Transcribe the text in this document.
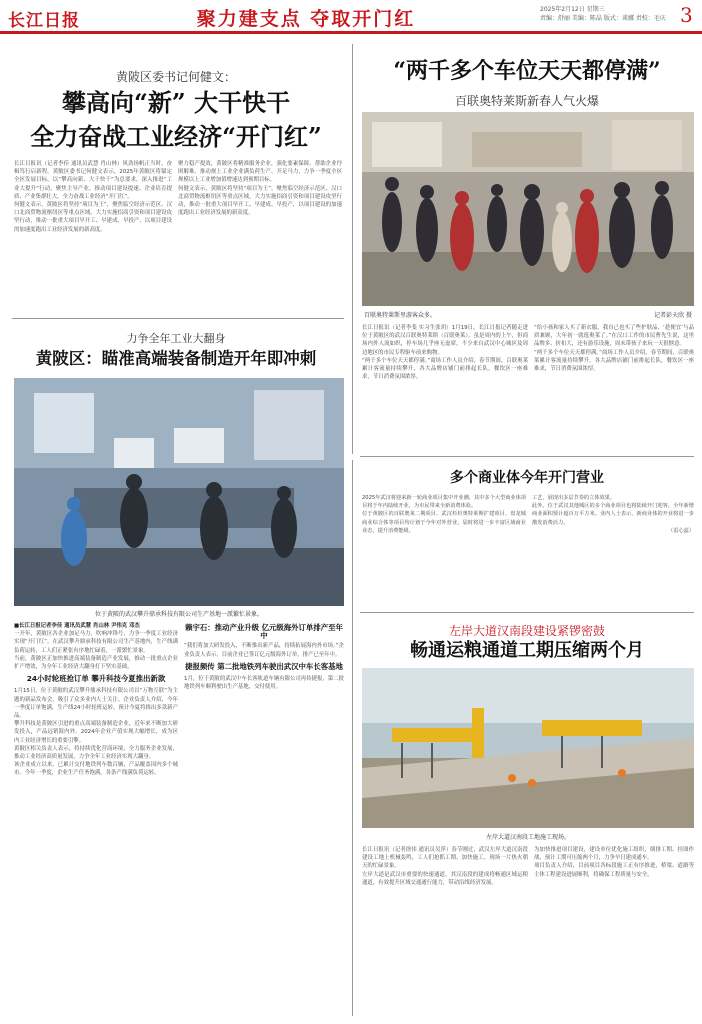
长江日报	聚力建支点 夺取开门红	2025年2月12日 星期三
责编：舒丽 美编：陈晶 版式：谈娜 责校：毛庆 3
黄陂区委书记何健文：
攀高向“新” 大干快干
全力奋战工业经济“开门红”

长江日报讯（记者李佳 通讯员武慧 肖山林）风劲扬帆正当时，奋楫笃行启新程。黄陂区委书记何健文表示，2025年黄陂区将锚定全区发展目标，以“攀高向新、大干快干”为总要求，深入推进“工业大提升”行动，聚焦主导产业，推动项目建设提速、企业培育提质、产业集群壮大，全力奋战工业经济“开门红”。

何健文表示，黄陂区将坚持“项目为王”，聚焦临空经济示范区、汉口北商贸物流枢纽区等重点区域，大力实施招商引资和项目建设攻坚行动，推动一批重大项目早开工、早建成、早投产，以项目建设的加速度跑出工业经济发展的新高度。

聚力稳产提效，黄陂区将精准服务企业，强化要素保障，帮助企业纾困解难，推动规上工业企业满负荷生产、开足马力，力争一季度全区规模以上工业增加值增速达到预期目标。

何健文表示，黄陂区将坚持“项目为王”，聚焦临空经济示范区、汉口北商贸物流枢纽区等重点区域，大力实施招商引资和项目建设攻坚行动，推动一批重大项目早开工、早建成、早投产，以项目建设的加速度跑出工业经济发展的新高度。

“两千多个车位天天都停满”
百联奥特莱斯新春人气火爆
百联奥特莱斯里游客众多。	记者彭天欣 摄

长江日报讯（记者李斐 实习生张玥）1月19日，长江日报记者随走进位于黄陂区的武汉百联奥特莱斯（百联奥莱）。虽是周内的上午，但商场内外人流如织，停车场几乎座无虚席，不少来自武汉中心城区及周边地区的市民专程驱车前来购物。

“两千多个车位天天都停满。”商场工作人员介绍，春节期间，百联奥莱累计客流量持续攀升，各大品牌店铺门前排起长队，餐饮区一座难求，节日消费氛围浓厚。

“给小孩和家人买了新衣服，我自己也买了些护肤品，‘趁便宜’与品质兼顾，大年初一就逛奥莱了。”在汉口工作的市民曹先生说，这里品牌多、折扣大，还有游乐设施，周末带孩子来玩一天很惬意。

“两千多个车位天天都停满。”商场工作人员介绍，春节期间，百联奥莱累计客流量持续攀升，各大品牌店铺门前排起长队，餐饮区一座难求，节日消费氛围浓厚。

力争全年工业大翻身
黄陂区：瞄准高端装备制造开年即冲刺
位于黄陂的武汉攀升鼎承科技有限公司生产基地一派繁忙景象。

■长江日报记者李佳 通讯员武慧 肖山林 尹伟克 邓杰

一开年，黄陂区各企业加足马力，吹响冲锋号，力争一季度工业经济实现“开门红”。在武汉攀升鼎承科技有限公司生产基地内，生产线满负荷运转，工人们正紧张有序地忙碌着，一派繁忙景象。

当前，黄陂区正加快推进高端装备制造产业发展，推动一批重点企业扩产增效，为全年工业经济大翻身打下坚实基础。

24小时轮班抢订单 攀升科技今夏推出新款

1月15日，位于黄陂的武汉攀升鼎承科技有限公司以“万物互联”为主题的新品发布会，吸引了众多业内人士关注。企业负责人介绍，今年一季度订单饱满，生产线24小时轮班运转，预计今夏将推出多款新产品。

攀升科技是黄陂区引进的重点高端装备制造企业，近年来不断加大研发投入，产品远销海内外。2024年企业产值实现大幅增长，成为区内工业经济增长的重要引擎。

黄陂区相关负责人表示，将持续优化营商环境，全力服务企业发展，推动工业经济高质量发展，力争全年工业经济实现大翻身。

该企业成立以来，已累计交付地铁列车数百辆，产品覆盖国内多个城市。今年一季度，企业生产任务饱满，各条产线满负荷运转。

赖宇石：推动产业升级 亿元级海外订单排产至年中

“我们将加大研发投入，不断推出新产品，持续拓展海内外市场。”企业负责人表示，目前企业已签订亿元级海外订单，排产已至年中。

捷报频传 第二批地铁列车驶出武汉中车长客基地

1月，位于黄陂的武汉中车长客轨道车辆有限公司再传捷报，第二批地铁列车顺利驶出生产基地，交付使用。

多个商业体今年开门营业

2025年武汉将迎来新一轮商业项目集中开业潮，其中多个大型商业体项目将于年内陆续开业，为市民带来全新消费体验。

位于黄陂区的百联奥莱二期项目、武汉杉杉奥特莱斯扩建项目、盘龙城商业综合体等项目均计划于今年对外营业，届时将进一步丰富区域商业业态，提升消费能级。

工艺，展现出多层节奏的立体效果。

此外，位于武汉其他城区的多个商业项目也将陆续开门迎客，全年新增商业面积预计超百万平方米。业内人士表示，新商业体的开业将进一步激发消费活力。

（雷心蕊）

左岸大道汉南段建设紧锣密鼓
畅通运粮通道工期压缩两个月
左岸大道汉南段工地施工现场。

长江日报讯（记者徐伟 通讯员吴萍）春节刚过，武汉左岸大道汉南段建设工地上机械轰鸣，工人们抢抓工期、加快施工，现场一片热火朝天的忙碌景象。

左岸大道是武汉市重要的快速通道，其汉南段的建成将畅通区域运粮通道，有效提升区域交通通行能力，带动沿线经济发展。

为加快推进项目建设，建设单位优化施工组织，倒排工期、挂图作战，预计工期可压缩两个月，力争早日建成通车。

项目负责人介绍，目前项目各标段施工正有序推进，桥梁、道路等主体工程建设进展顺利，将确保工程质量与安全。
